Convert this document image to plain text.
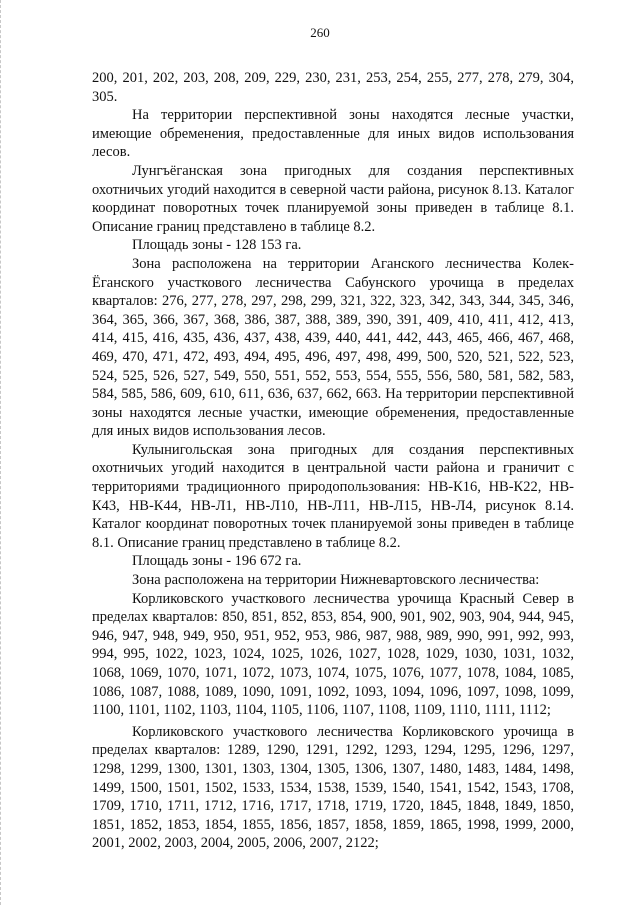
260

200, 201, 202, 203, 208, 209, 229, 230, 231, 253, 254, 255, 277, 278, 279, 304, 305.

На территории перспективной зоны находятся лесные участки, имеющие обременения, предоставленные для иных видов использования лесов.

Лунгъёганская зона пригодных для создания перспективных охотничьих угодий находится в северной части района, рисунок 8.13. Каталог координат поворотных точек планируемой зоны приведен в таблице 8.1. Описание границ представлено в таблице 8.2.

Площадь зоны - 128 153 га.

Зона расположена на территории Аганского лесничества Колек-Ёганского участкового лесничества Сабунского урочища в пределах кварталов: 276, 277, 278, 297, 298, 299, 321, 322, 323, 342, 343, 344, 345, 346, 364, 365, 366, 367, 368, 386, 387, 388, 389, 390, 391, 409, 410, 411, 412, 413, 414, 415, 416, 435, 436, 437, 438, 439, 440, 441, 442, 443, 465, 466, 467, 468, 469, 470, 471, 472, 493, 494, 495, 496, 497, 498, 499, 500, 520, 521, 522, 523, 524, 525, 526, 527, 549, 550, 551, 552, 553, 554, 555, 556, 580, 581, 582, 583, 584, 585, 586, 609, 610, 611, 636, 637, 662, 663. На территории перспективной зоны находятся лесные участки, имеющие обременения, предоставленные для иных видов использования лесов.

Кулынигольская зона пригодных для создания перспективных охотничьих угодий находится в центральной части района и граничит с территориями традиционного природопользования: НВ-К16, НВ-К22, НВ-К43, НВ-К44, НВ-Л1, НВ-Л10, НВ-Л11, НВ-Л15, НВ-Л4, рисунок 8.14. Каталог координат поворотных точек планируемой зоны приведен в таблице 8.1. Описание границ представлено в таблице 8.2.

Площадь зоны - 196 672 га.

Зона расположена на территории Нижневартовского лесничества:

Корликовского участкового лесничества урочища Красный Север в пределах кварталов: 850, 851, 852, 853, 854, 900, 901, 902, 903, 904, 944, 945, 946, 947, 948, 949, 950, 951, 952, 953, 986, 987, 988, 989, 990, 991, 992, 993, 994, 995, 1022, 1023, 1024, 1025, 1026, 1027, 1028, 1029, 1030, 1031, 1032, 1068, 1069, 1070, 1071, 1072, 1073, 1074, 1075, 1076, 1077, 1078, 1084, 1085, 1086, 1087, 1088, 1089, 1090, 1091, 1092, 1093, 1094, 1096, 1097, 1098, 1099, 1100, 1101, 1102, 1103, 1104, 1105, 1106, 1107, 1108, 1109, 1110, 1111, 1112;

Корликовского участкового лесничества Корликовского урочища в пределах кварталов: 1289, 1290, 1291, 1292, 1293, 1294, 1295, 1296, 1297, 1298, 1299, 1300, 1301, 1303, 1304, 1305, 1306, 1307, 1480, 1483, 1484, 1498, 1499, 1500, 1501, 1502, 1533, 1534, 1538, 1539, 1540, 1541, 1542, 1543, 1708, 1709, 1710, 1711, 1712, 1716, 1717, 1718, 1719, 1720, 1845, 1848, 1849, 1850, 1851, 1852, 1853, 1854, 1855, 1856, 1857, 1858, 1859, 1865, 1998, 1999, 2000, 2001, 2002, 2003, 2004, 2005, 2006, 2007, 2122;
